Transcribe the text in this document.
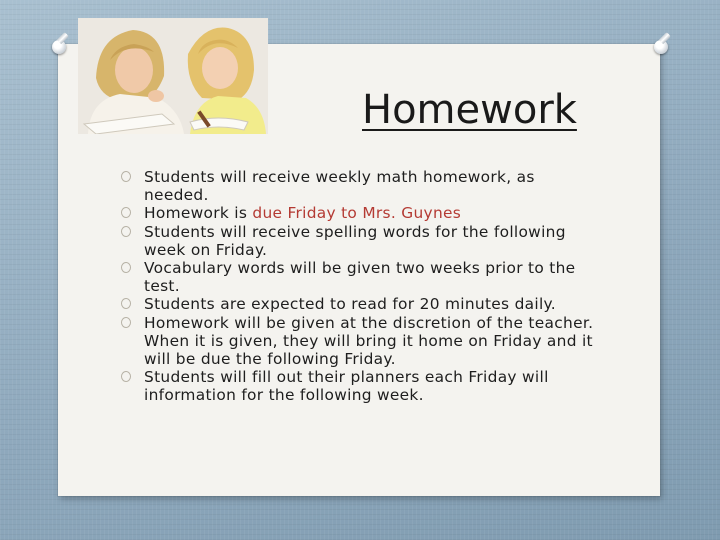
Homework
Students will receive weekly math homework, as needed.
Homework is due Friday to Mrs. Guynes
Students will receive spelling words for the following week on Friday.
Vocabulary words will be given two weeks prior to the test.
Students are expected to read for 20 minutes daily.
Homework will be given at the discretion of the teacher. When it is given, they will bring it home on Friday and it will be due the following Friday.
Students will fill out their planners each Friday will information for the following week.
